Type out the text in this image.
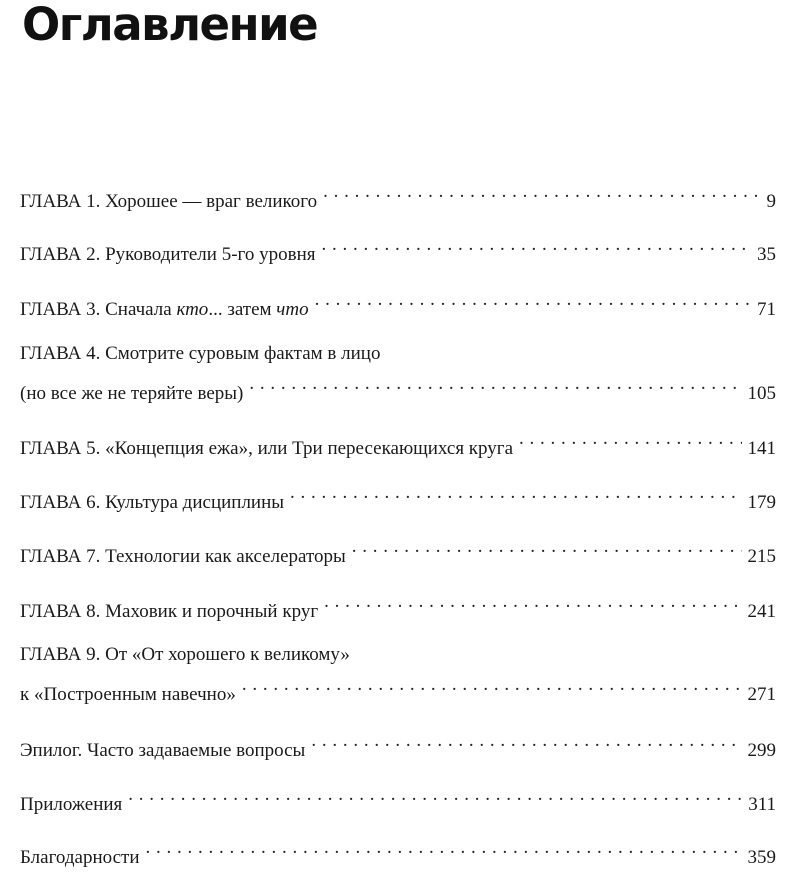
Оглавление
ГЛАВА 1. Хорошее — враг великого . . .	9
ГЛАВА 2. Руководители 5-го уровня . . .	35
ГЛАВА 3. Сначала кто... затем что . . .	71
ГЛАВА 4. Смотрите суровым фактам в лицо
(но все же не теряйте веры) . . .	105
ГЛАВА 5. «Концепция ежа», или Три пересекающихся круга . . .	141
ГЛАВА 6. Культура дисциплины . . .	179
ГЛАВА 7. Технологии как акселераторы . . .	215
ГЛАВА 8. Маховик и порочный круг . . .	241
ГЛАВА 9. От «От хорошего к великому»
к «Построенным навечно» . . .	271
Эпилог. Часто задаваемые вопросы . . .	299
Приложения . . .	311
Благодарности . . .	359
